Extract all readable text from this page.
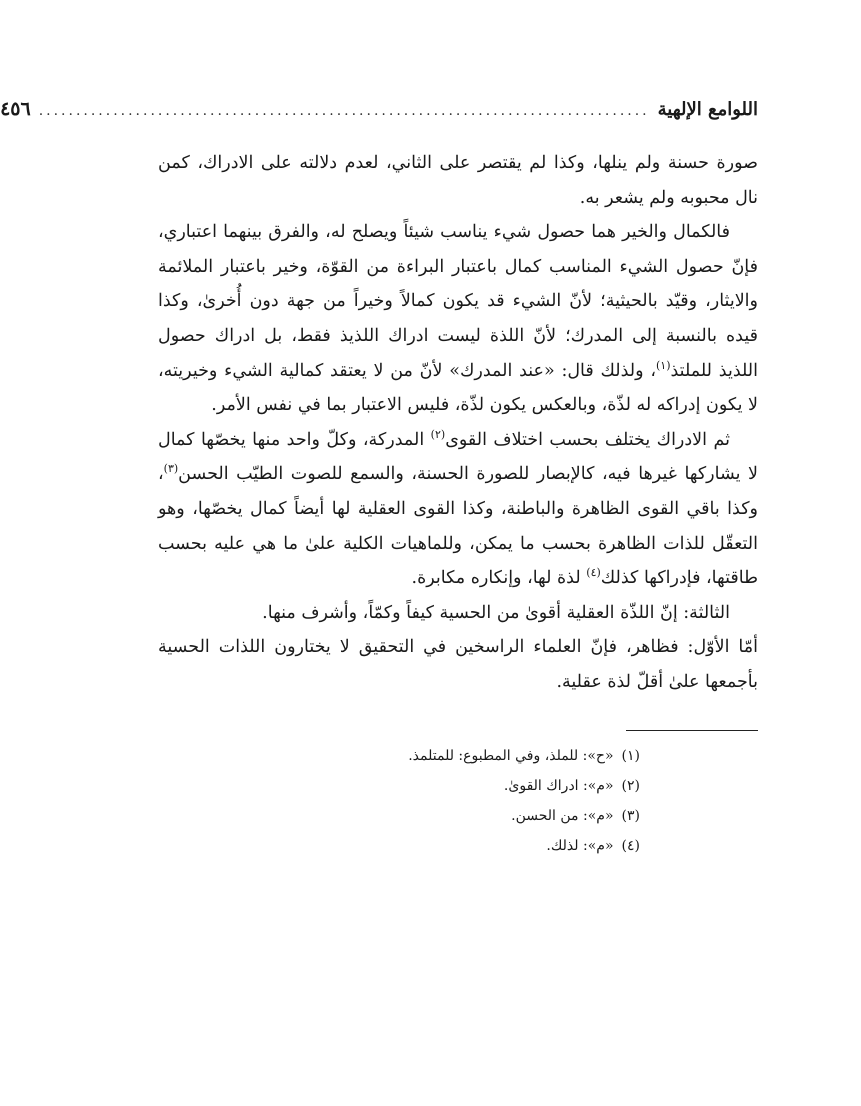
اللوامع الإلهية
..................................................................................
٤٥٦

صورة حسنة ولم ينلها، وكذا لم يقتصر على الثاني، لعدم دلالته على الادراك، كمن نال محبوبه ولم يشعر به.

فالكمال والخير هما حصول شيء يناسب شيئاً ويصلح له، والفرق بينهما اعتباري، فإنّ حصول الشيء المناسب كمال باعتبار البراءة من القوّة، وخير باعتبار الملائمة والايثار، وقيّد بالحيثية؛ لأنّ الشيء قد يكون كمالاً وخيراً من جهة دون أُخرىٰ، وكذا قيده بالنسبة إلى المدرك؛ لأنّ اللذة ليست ادراك اللذيذ فقط، بل ادراك حصول اللذيذ للملتذ$^{(١)}$، ولذلك قال: «عند المدرك» لأنّ من لا يعتقد كمالية الشيء وخيريته، لا يكون إدراكه له لذّة، وبالعكس يكون لذّة، فليس الاعتبار بما في نفس الأمر.

ثم الادراك يختلف بحسب اختلاف القوى$^{(٢)}$ المدركة، وكلّ واحد منها يخصّها كمال لا يشاركها غيرها فيه، كالإبصار للصورة الحسنة، والسمع للصوت الطيّب الحسن$^{(٣)}$، وكذا باقي القوى الظاهرة والباطنة، وكذا القوى العقلية لها أيضاً كمال يخصّها، وهو التعقّل للذات الظاهرة بحسب ما يمكن، وللماهيات الكلية علىٰ ما هي عليه بحسب طاقتها، فإدراكها كذلك$^{(٤)}$ لذة لها، وإنكاره مكابرة.

الثالثة: إنّ اللذّة العقلية أقوىٰ من الحسية كيفاً وكمّاً، وأشرف منها.

أمّا الأوّل: فظاهر، فإنّ العلماء الراسخين في التحقيق لا يختارون اللذات الحسية بأجمعها علىٰ أقلّ لذة عقلية.

(١)«ح»: للملذ، وفي المطبوع: للمتلمذ.

(٢)«م»: ادراك القوىٰ.

(٣)«م»: من الحسن.

(٤)«م»: لذلك.
